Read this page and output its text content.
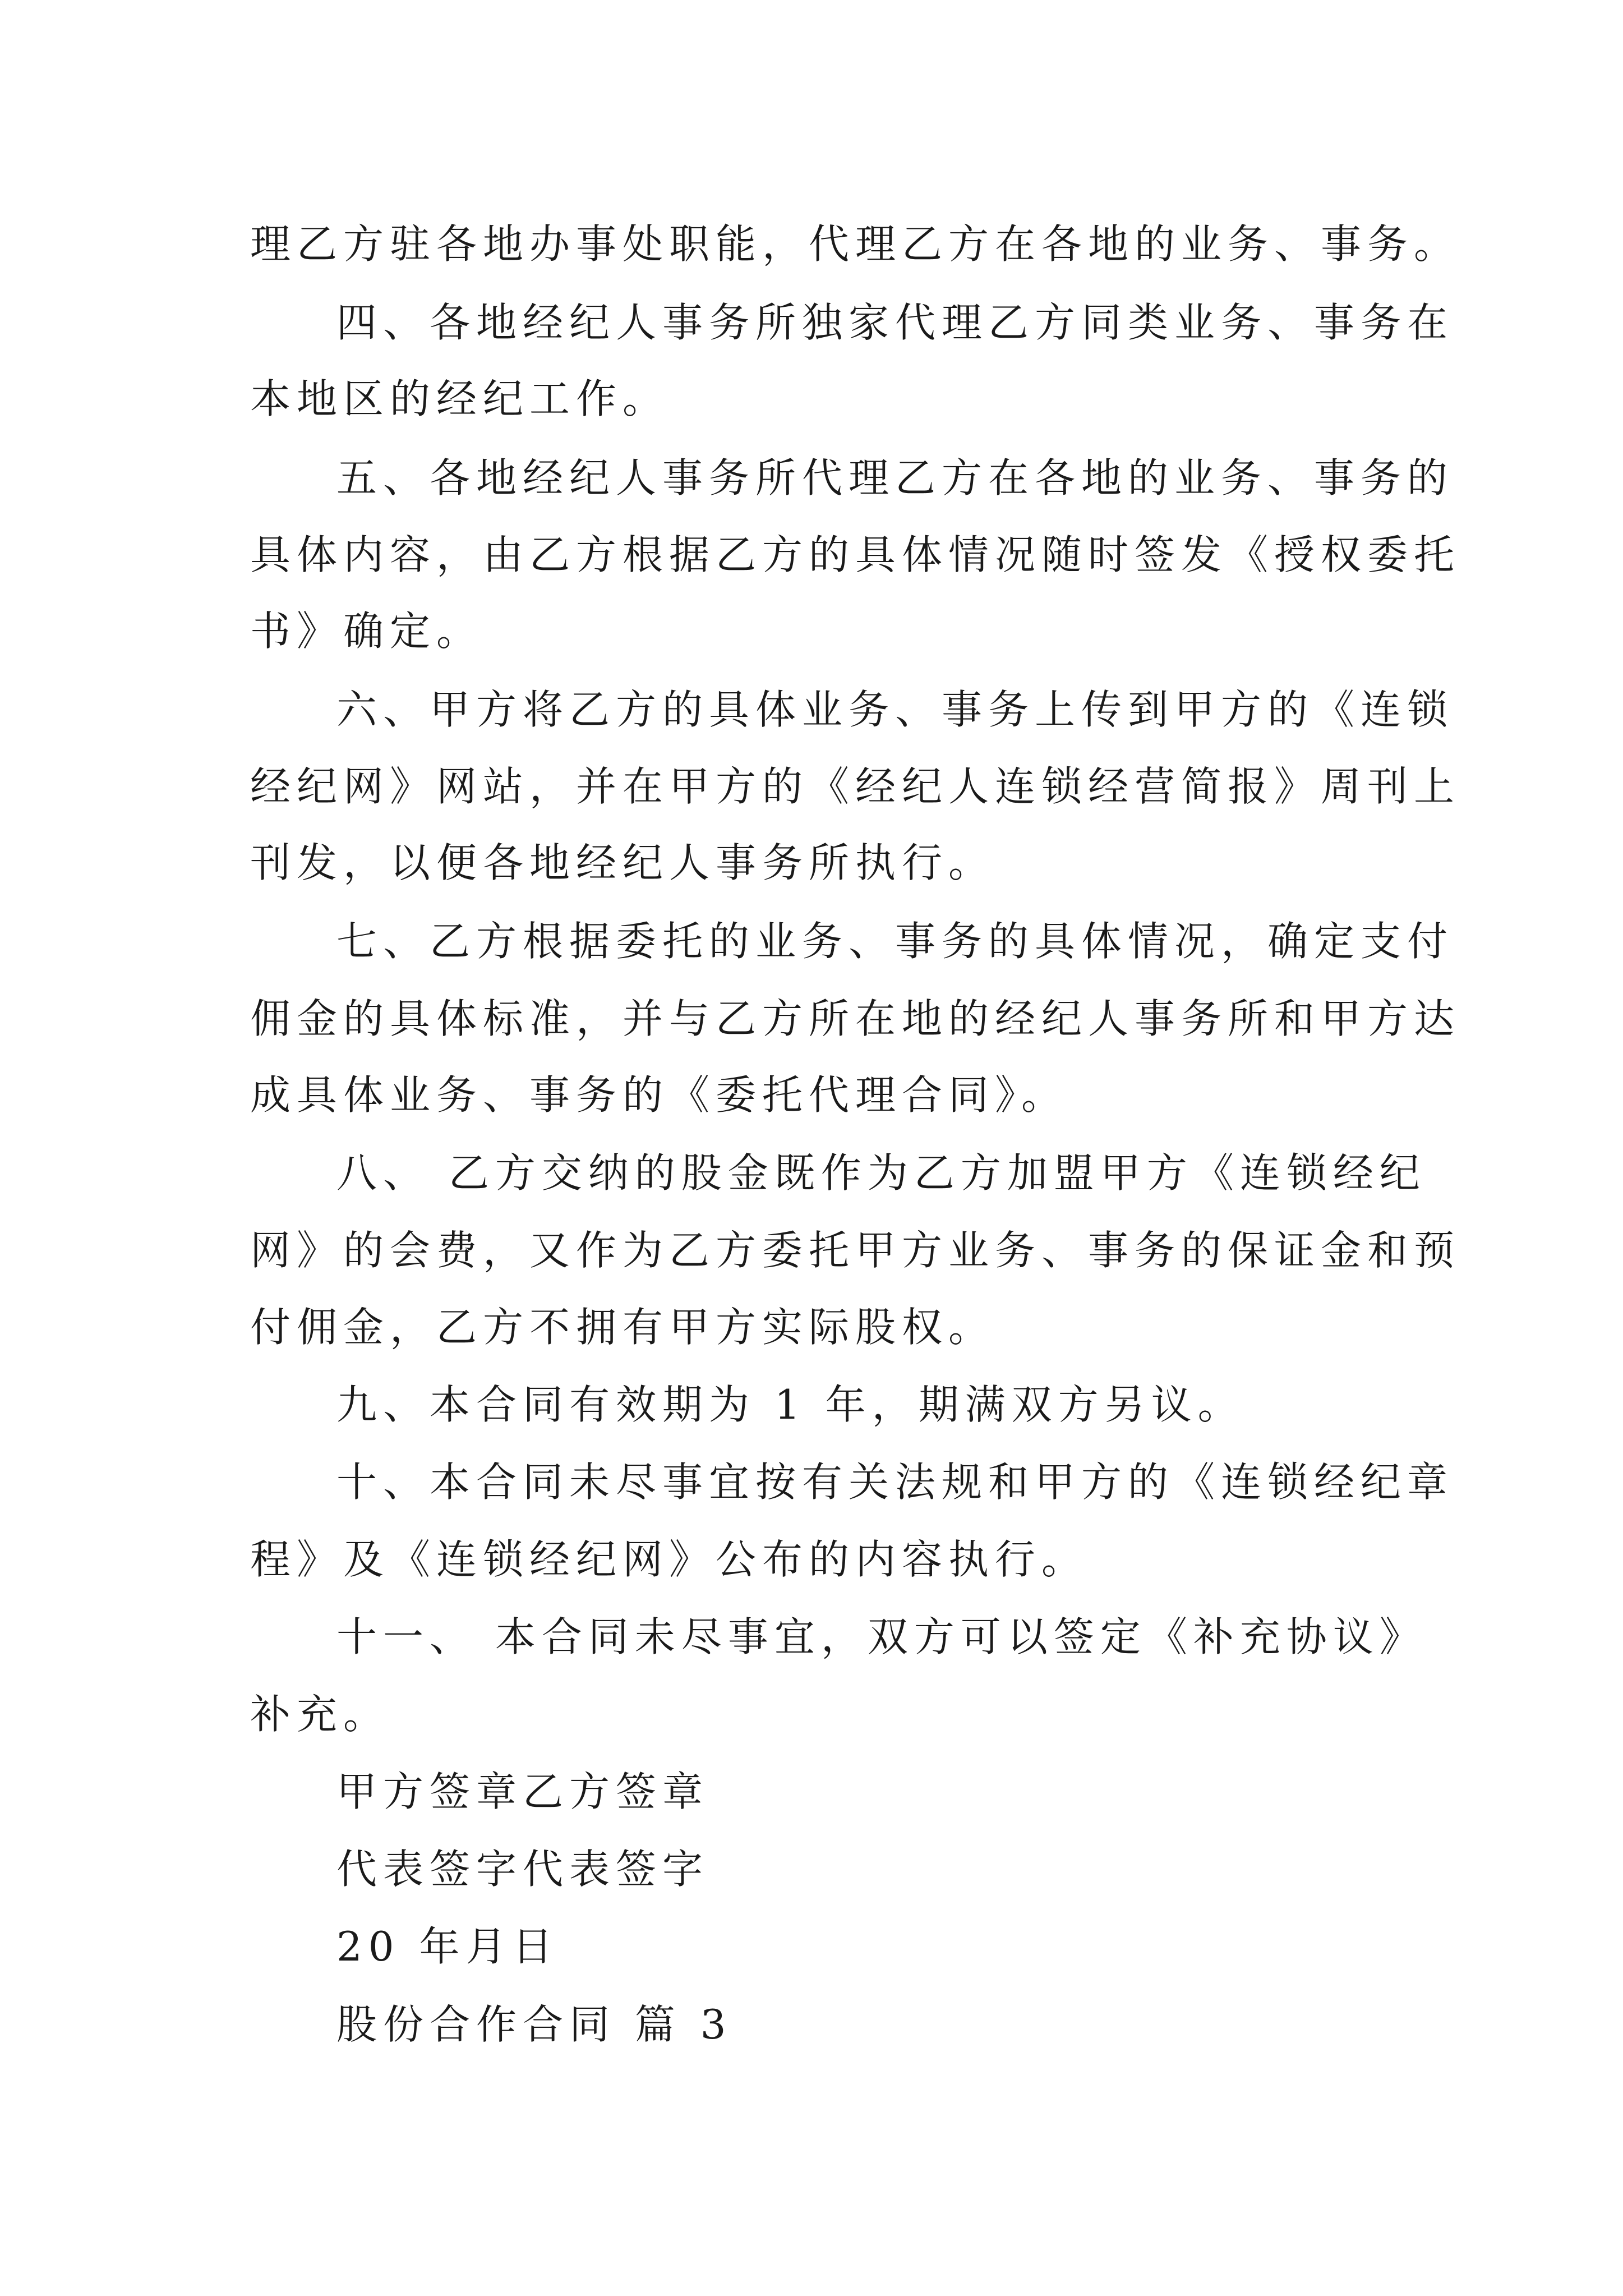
理乙方驻各地办事处职能，代理乙方在各地的业务、事务。
四、各地经纪人事务所独家代理乙方同类业务、事务在
本地区的经纪工作。
五、各地经纪人事务所代理乙方在各地的业务、事务的
具体内容，由乙方根据乙方的具体情况随时签发《授权委托
书》确定。
六、甲方将乙方的具体业务、事务上传到甲方的《连锁
经纪网》网站，并在甲方的《经纪人连锁经营简报》周刊上
刊发，以便各地经纪人事务所执行。
七、乙方根据委托的业务、事务的具体情况，确定支付
佣金的具体标准，并与乙方所在地的经纪人事务所和甲方达
成具体业务、事务的《委托代理合同》。
八、 乙方交纳的股金既作为乙方加盟甲方《连锁经纪
网》的会费，又作为乙方委托甲方业务、事务的保证金和预
付佣金，乙方不拥有甲方实际股权。
九、本合同有效期为 1 年，期满双方另议。
十、本合同未尽事宜按有关法规和甲方的《连锁经纪章
程》及《连锁经纪网》公布的内容执行。
十一、 本合同未尽事宜，双方可以签定《补充协议》
补充。
甲方签章乙方签章
代表签字代表签字
20 年月日
股份合作合同 篇 3
